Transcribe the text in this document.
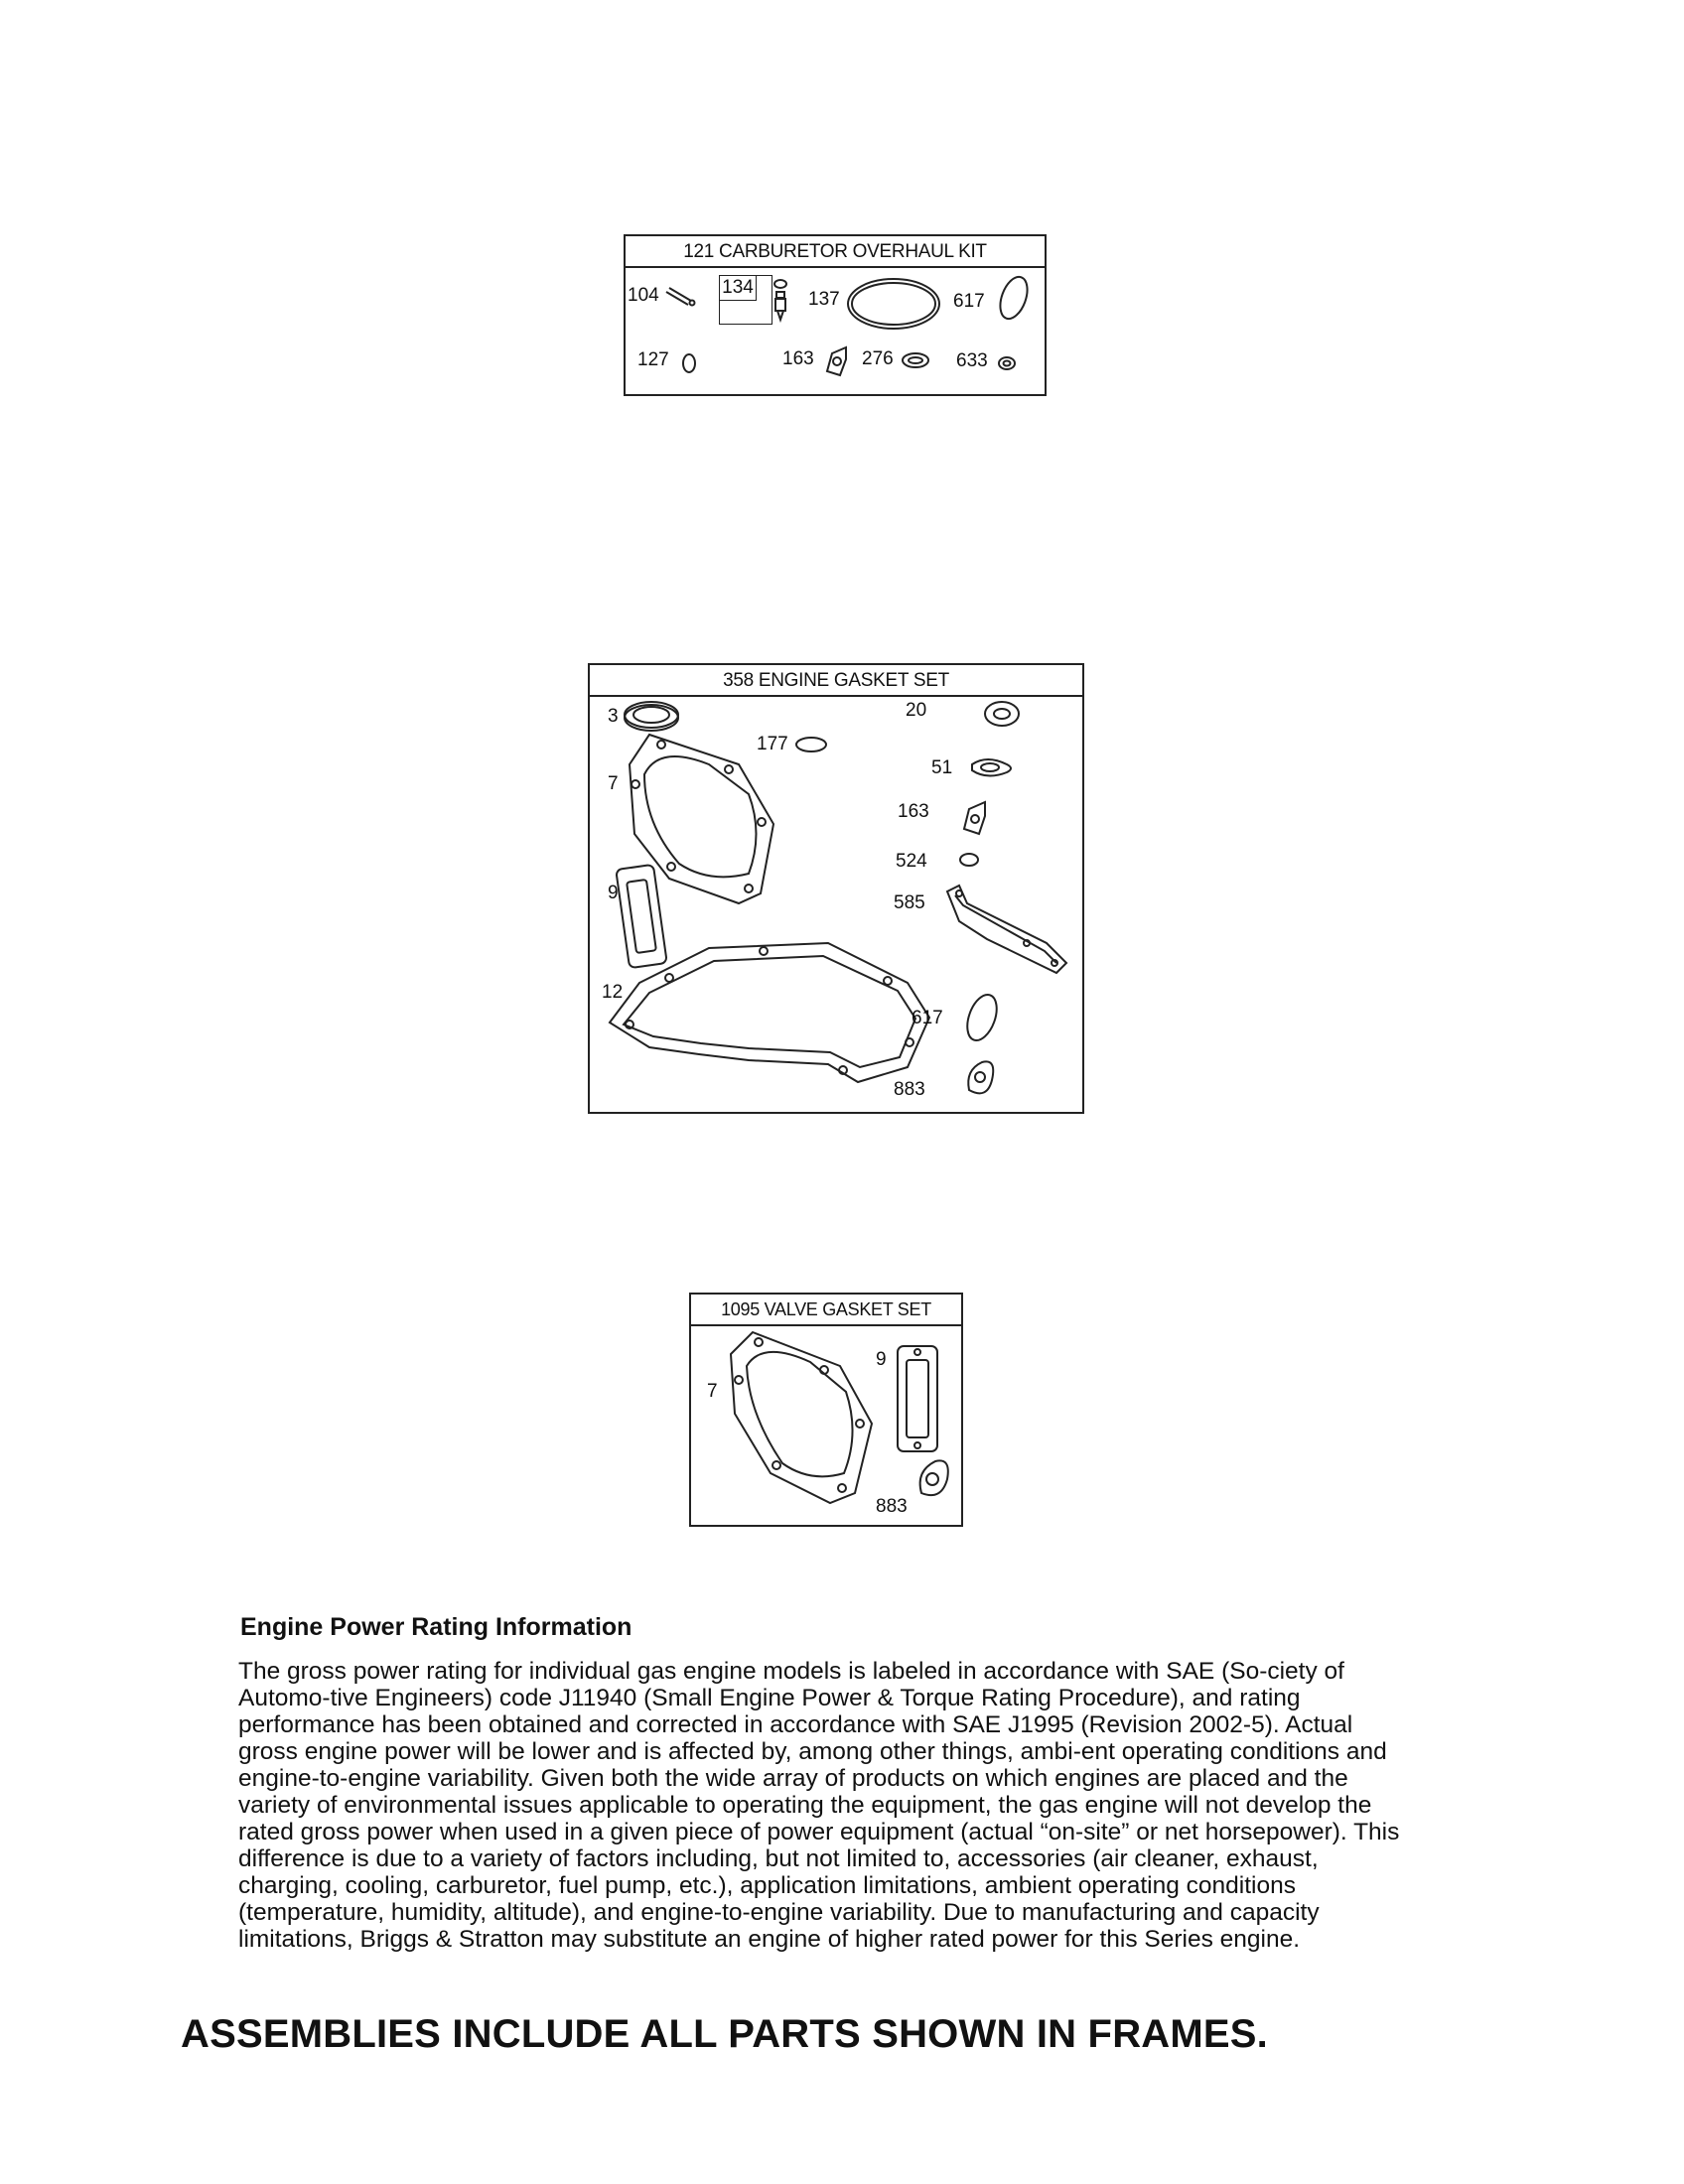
121 CARBURETOR OVERHAUL KIT
134
104	137	617
127	163	276	633
358 ENGINE GASKET SET
3	20
177
51
7
163
524
9	585
12
617
883
1095 VALVE GASKET SET
9
7
883
Engine Power Rating Information
The gross power rating for individual gas engine models is labeled in accordance with SAE (So-ciety of Automo-tive Engineers) code J11940 (Small Engine Power & Torque Rating Procedure), and rating performance has been obtained and corrected in accordance with SAE J1995 (Revision 2002-5). Actual gross engine power will be lower and is affected by, among other things, ambi-ent operating conditions and engine-to-engine variability. Given both the wide array of products on which engines are placed and the variety of environmental issues applicable to operating the equipment, the gas engine will not develop the rated gross power when used in a given piece of power equipment (actual “on-site” or net horsepower). This difference is due to a variety of factors including, but not limited to, accessories (air cleaner, exhaust, charging, cooling, carburetor, fuel pump, etc.), application limitations, ambient operating conditions (temperature, humidity, altitude), and engine-to-engine variability. Due to manufacturing and capacity limitations, Briggs & Stratton may substitute an engine of higher rated power for this Series engine.
ASSEMBLIES INCLUDE ALL PARTS SHOWN IN FRAMES.
